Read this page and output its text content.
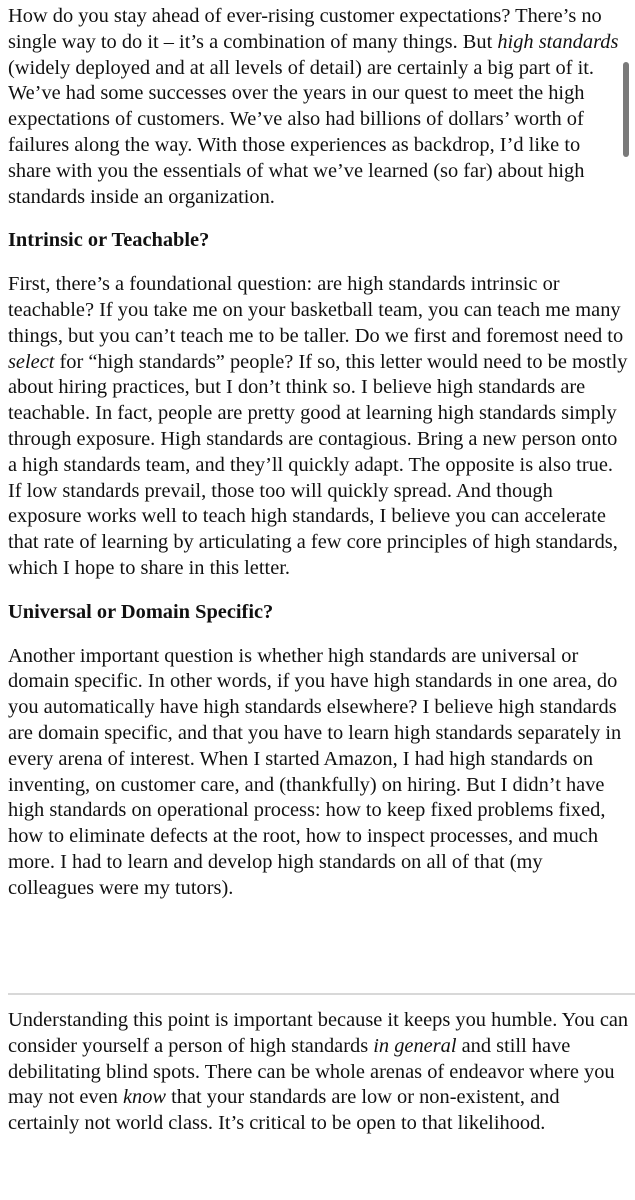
How do you stay ahead of ever-rising customer expectations? There’s no single way to do it – it’s a combination of many things. But high standards (widely deployed and at all levels of detail) are certainly a big part of it. We’ve had some successes over the years in our quest to meet the high expectations of customers. We’ve also had billions of dollars’ worth of failures along the way. With those experiences as backdrop, I’d like to share with you the essentials of what we’ve learned (so far) about high standards inside an organization.

Intrinsic or Teachable?

First, there’s a foundational question: are high standards intrinsic or teachable? If you take me on your basketball team, you can teach me many things, but you can’t teach me to be taller. Do we first and foremost need to select for “high standards” people? If so, this letter would need to be mostly about hiring practices, but I don’t think so. I believe high standards are teachable. In fact, people are pretty good at learning high standards simply through exposure. High standards are contagious. Bring a new person onto a high standards team, and they’ll quickly adapt. The opposite is also true. If low standards prevail, those too will quickly spread. And though exposure works well to teach high standards, I believe you can accelerate that rate of learning by articulating a few core principles of high standards, which I hope to share in this letter.

Universal or Domain Specific?

Another important question is whether high standards are universal or domain specific. In other words, if you have high standards in one area, do you automatically have high standards elsewhere? I believe high standards are domain specific, and that you have to learn high standards separately in every arena of interest. When I started Amazon, I had high standards on inventing, on customer care, and (thankfully) on hiring. But I didn’t have high standards on operational process: how to keep fixed problems fixed, how to eliminate defects at the root, how to inspect processes, and much more. I had to learn and develop high standards on all of that (my colleagues were my tutors).

Understanding this point is important because it keeps you humble. You can consider yourself a person of high standards in general and still have debilitating blind spots. There can be whole arenas of endeavor where you may not even know that your standards are low or non-existent, and certainly not world class. It’s critical to be open to that likelihood.
